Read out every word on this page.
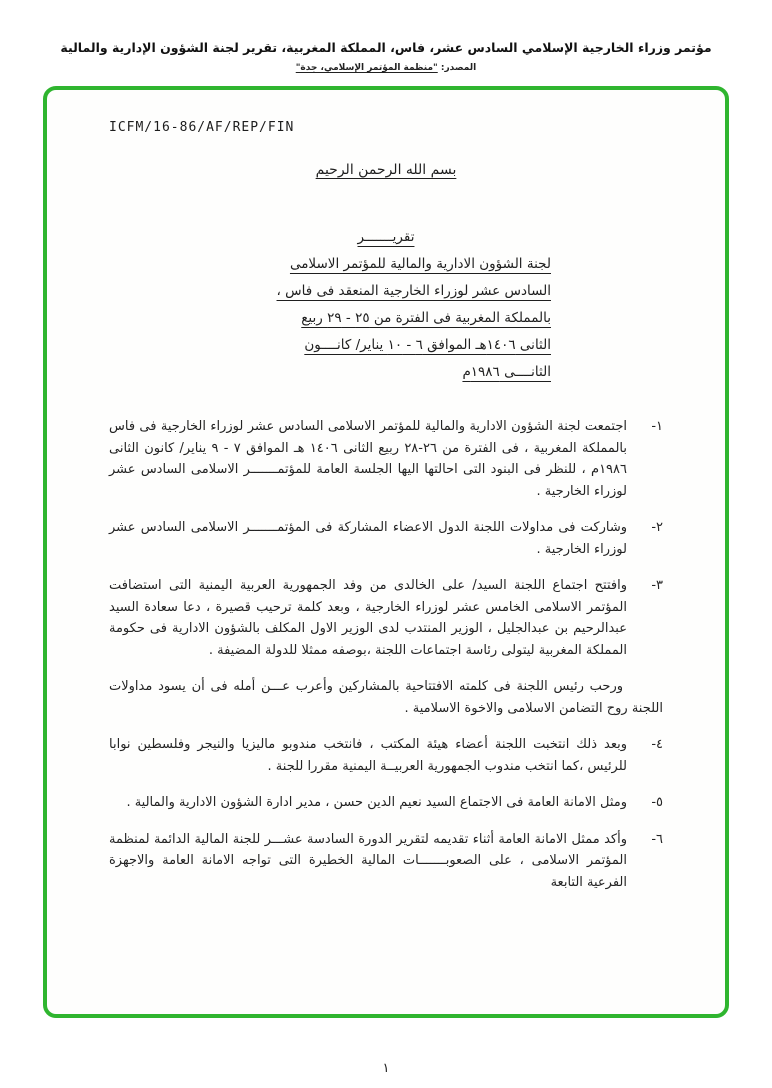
مؤتمر وزراء الخارجية الإسلامي السادس عشر، فاس، المملكة المغربية، تقرير لجنة الشؤون الإدارية والمالية
المصدر: "منظمة المؤتمر الإسلامي، جدة"
ICFM/16-86/AF/REP/FIN
بسم الله الرحمن الرحيم
تقريـــــــر
لجنة الشؤون الادارية والمالية للمؤتمر الاسلامى
السادس عشر لوزراء الخارجية المنعقد فى فاس ،
بالمملكة المغربية فى الفترة من ٢٥ - ٢٩ ربيع
الثانى ١٤٠٦هـ الموافق ٦ - ١٠ يناير/ كانــــون
الثانــــى ١٩٨٦م
١-
اجتمعت لجنة الشؤون الادارية والمالية للمؤتمر الاسلامى السادس عشر لوزراء الخارجية فى فاس بالمملكة المغربية ، فى الفترة من ٢٦-٢٨ ربيع الثانى ١٤٠٦ هـ الموافق ٧ - ٩ يناير/ كانون الثانى ١٩٨٦م ، للنظر فى البنود التى احالتها اليها الجلسة العامة للمؤتمـــــــر الاسلامى السادس عشر لوزراء الخارجية .
٢-
وشاركت فى مداولات اللجنة الدول الاعضاء المشاركة فى المؤتمـــــــر الاسلامى السادس عشر لوزراء الخارجية .
٣-
وافتتح اجتماع اللجنة السيد/ على الخالدى من وفد الجمهورية العربية اليمنية التى استضافت المؤتمر الاسلامى الخامس عشر لوزراء الخارجية ، وبعد كلمة ترحيب قصيرة ، دعا سعادة السيد عبدالرحيم بن عبدالجليل ، الوزير المنتدب لدى الوزير الاول المكلف بالشؤون الادارية فى حكومة المملكة المغربية ليتولى رئاسة اجتماعات اللجنة ،بوصفه ممثلا للدولة المضيفة .
ورحب رئيس اللجنة فى كلمته الافتتاحية بالمشاركين وأعرب عـــن أمله فى أن يسود مداولات اللجنة روح التضامن الاسلامى والاخوة الاسلامية .
٤-
وبعد ذلك انتخبت اللجنة أعضاء هيئة المكتب ، فانتخب مندوبو ماليزيا والنيجر وفلسطين نوابا للرئيس ،كما انتخب مندوب الجمهورية العربيــة اليمنية مقررا للجنة .
٥-
ومثل الامانة العامة فى الاجتماع السيد نعيم الدين حسن ، مدير ادارة الشؤون الادارية والمالية .
٦-
وأكد ممثل الامانة العامة أثناء تقديمه لتقرير الدورة السادسة عشـــر للجنة المالية الدائمة لمنظمة المؤتمر الاسلامى ، على الصعوبـــــــات المالية الخطيرة التى تواجه الامانة العامة والاجهزة الفرعية التابعة
١
